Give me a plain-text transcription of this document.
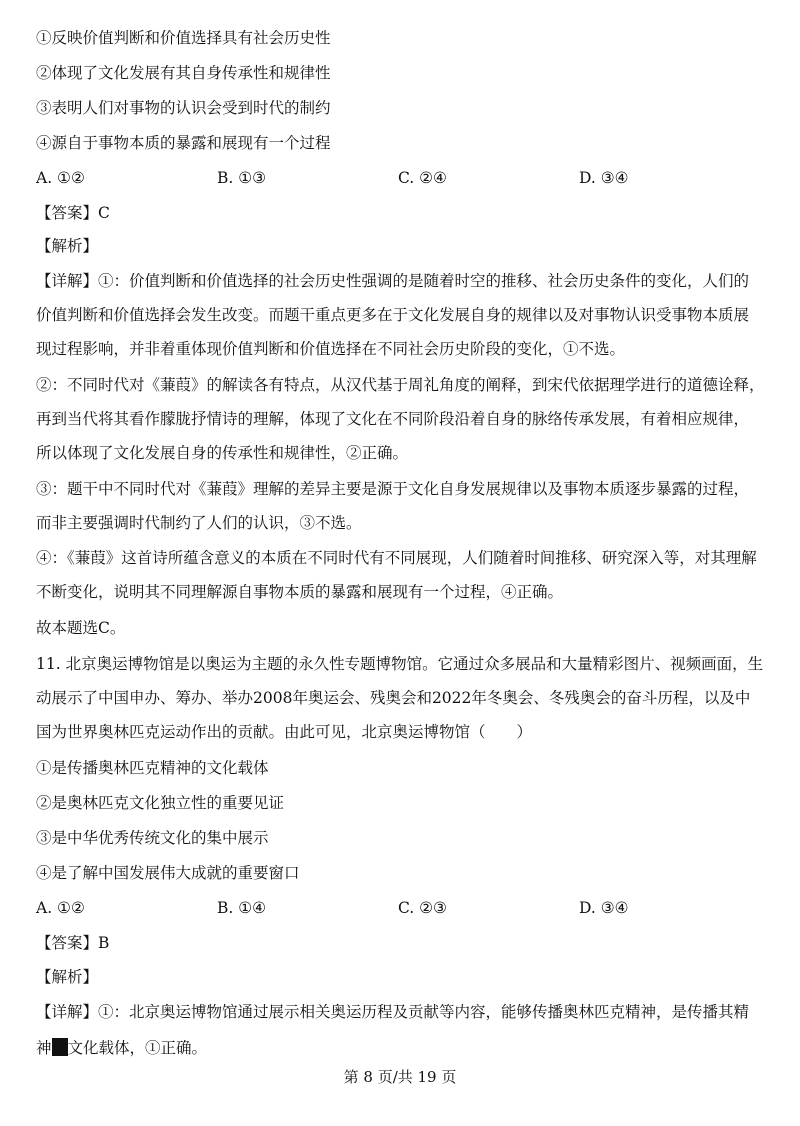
①反映价值判断和价值选择具有社会历史性
②体现了文化发展有其自身传承性和规律性
③表明人们对事物的认识会受到时代的制约
④源自于事物本质的暴露和展现有一个过程
A. ①②	B. ①③	C. ②④	D. ③④
【答案】C
【解析】
【详解】①：价值判断和价值选择的社会历史性强调的是随着时空的推移、社会历史条件的变化，人们的
价值判断和价值选择会发生改变。而题干重点更多在于文化发展自身的规律以及对事物认识受事物本质展
现过程影响，并非着重体现价值判断和价值选择在不同社会历史阶段的变化，①不选。
②：不同时代对《蒹葭》的解读各有特点，从汉代基于周礼角度的阐释，到宋代依据理学进行的道德诠释，
再到当代将其看作朦胧抒情诗的理解，体现了文化在不同阶段沿着自身的脉络传承发展，有着相应规律，
所以体现了文化发展自身的传承性和规律性，②正确。
③：题干中不同时代对《蒹葭》理解的差异主要是源于文化自身发展规律以及事物本质逐步暴露的过程，
而非主要强调时代制约了人们的认识，③不选。
④：《蒹葭》这首诗所蕴含意义的本质在不同时代有不同展现，人们随着时间推移、研究深入等，对其理解
不断变化，说明其不同理解源自事物本质的暴露和展现有一个过程，④正确。
故本题选C。
11. 北京奥运博物馆是以奥运为主题的永久性专题博物馆。它通过众多展品和大量精彩图片、视频画面，生
动展示了中国申办、筹办、举办2008年奥运会、残奥会和2022年冬奥会、冬残奥会的奋斗历程，以及中
国为世界奥林匹克运动作出的贡献。由此可见，北京奥运博物馆（　　）
①是传播奥林匹克精神的文化载体
②是奥林匹克文化独立性的重要见证
③是中华优秀传统文化的集中展示
④是了解中国发展伟大成就的重要窗口
A. ①②	B. ①④	C. ②③	D. ③④
【答案】B
【解析】
【详解】①：北京奥运博物馆通过展示相关奥运历程及贡献等内容，能够传播奥林匹克精神，是传播其精
神 文化载体，①正确。
第 8 页/共 19 页
